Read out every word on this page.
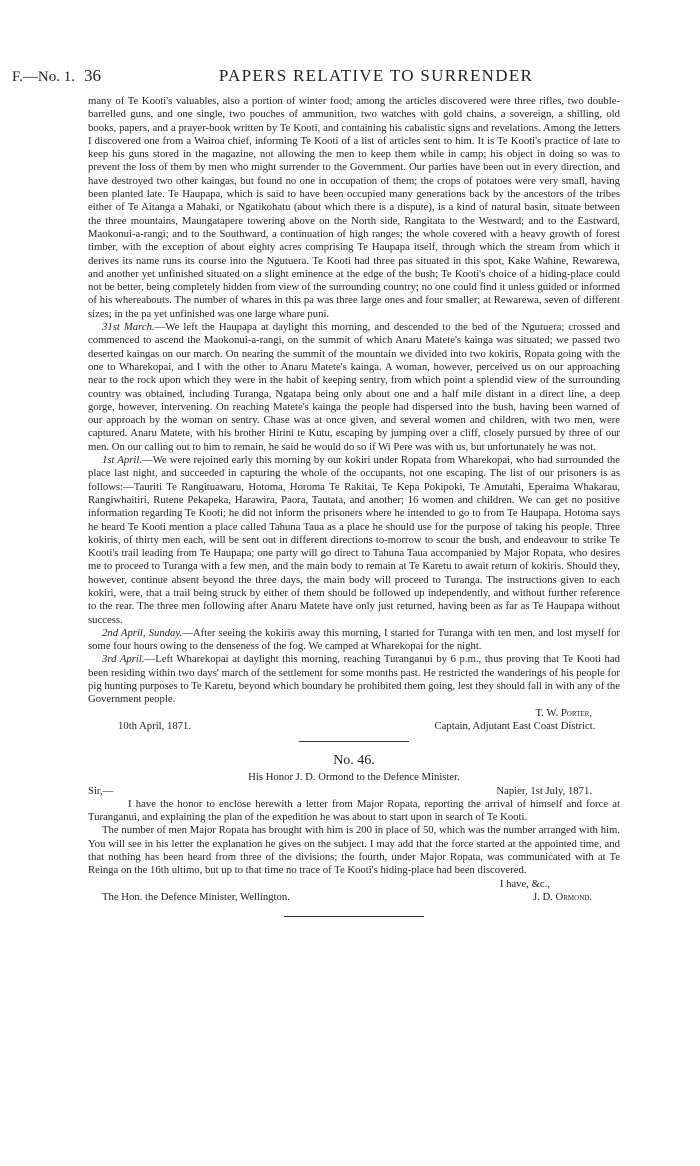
F.—No. 1. 36	PAPERS RELATIVE TO SURRENDER

many of Te Kooti's valuables, also a portion of winter food; among the articles discovered were three rifles, two double-barrelled guns, and one single, two pouches of ammunition, two watches with gold chains, a sovereign, a shilling, old books, papers, and a prayer-book written by Te Kooti, and containing his cabalistic signs and revelations. Among the letters I discovered one from a Wairoa chief, informing Te Kooti of a list of articles sent to him. It is Te Kooti's practice of late to keep his guns stored in the magazine, not allowing the men to keep them while in camp; his object in doing so was to prevent the loss of them by men who might surrender to the Government. Our parties have been out in every direction, and have destroyed two other kaingas, but found no one in occupation of them; the crops of potatoes were very small, having been planted late. Te Haupapa, which is said to have been occupied many generations back by the ancestors of the tribes either of Te Aitanga a Mahaki, or Ngatikohatu (about which there is a dispute), is a kind of natural basin, situate between the three mountains, Maungatapere towering above on the North side, Rangitata to the Westward; and to the Eastward, Maokonui-a-rangi; and to the Southward, a continuation of high ranges; the whole covered with a heavy growth of forest timber, with the exception of about eighty acres comprising Te Haupapa itself, through which the stream from which it derives its name runs its course into the Ngutuera. Te Kooti had three pas situated in this spot, Kake Wahine, Rewarewa, and another yet unfinished situated on a slight eminence at the edge of the bush; Te Kooti's choice of a hiding-place could not be better, being completely hidden from view of the surrounding country; no one could find it unless guided or informed of his whereabouts. The number of whares in this pa was three large ones and four smaller; at Rewarewa, seven of different sizes; in the pa yet unfinished was one large whare puni.

31st March.—We left the Haupapa at daylight this morning, and descended to the bed of the Ngutuera; crossed and commenced to ascend the Maokonui-a-rangi, on the summit of which Anaru Matete's kainga was situated; we passed two deserted kaingas on our march. On nearing the summit of the mountain we divided into two kokiris, Ropata going with the one to Wharekopai, and I with the other to Anaru Matete's kainga. A woman, however, perceived us on our approaching near to the rock upon which they were in the habit of keeping sentry, from which point a splendid view of the surrounding country was obtained, including Turanga, Ngatapa being only about one and a half mile distant in a direct line, a deep gorge, however, intervening. On reaching Matete's kainga the people had dispersed into the bush, having been warned of our approach by the woman on sentry. Chase was at once given, and several women and children, with two men, were captured. Anaru Matete, with his brother Hirini te Kutu, escaping by jumping over a cliff, closely pursued by three of our men. On our calling out to him to remain, he said he would do so if Wi Pere was with us, but unfortunately he was not.

1st April.—We were rejoined early this morning by our kokiri under Ropata from Wharekopai, who had surrounded the place last night, and succeeded in capturing the whole of the occupants, not one escaping. The list of our prisoners is as follows:—Tauriti Te Rangituawaru, Hotoma, Horoma Te Rakitai, Te Kepa Pokipoki, Te Amutahi, Eperaima Whakarau, Rangiwhaitiri, Rutene Pekapeka, Harawira, Paora, Tautata, and another; 16 women and children. We can get no positive information regarding Te Kooti; he did not inform the prisoners where he intended to go to from Te Haupapa. Hotoma says he heard Te Kooti mention a place called Tahuna Taua as a place he should use for the purpose of taking his people. Three kokiris, of thirty men each, will be sent out in different directions to-morrow to scour the bush, and endeavour to strike Te Kooti's trail leading from Te Haupapa; one party will go direct to Tahuna Taua accompanied by Major Ropata, who desires me to proceed to Turanga with a few men, and the main body to remain at Te Karetu to await return of kokiris. Should they, however, continue absent beyond the three days, the main body will proceed to Turanga. The instructions given to each kokiri, were, that a trail being struck by either of them should be followed up independently, and without further reference to the rear. The three men following after Anaru Matete have only just returned, having been as far as Te Haupapa without success.

2nd April, Sunday.—After seeing the kokiris away this morning, I started for Turanga with ten men, and lost myself for some four hours owing to the denseness of the fog. We camped at Wharekopai for the night.

3rd April.—Left Wharekopai at daylight this morning, reaching Turanganui by 6 p.m., thus proving that Te Kooti had been residing within two days' march of the settlement for some months past. He restricted the wanderings of his people for pig hunting purposes to Te Karetu, beyond which boundary he prohibited them going, lest they should fall in with any of the Government people.

T. W. Porter,
10th April, 1871.	Captain, Adjutant East Coast District.
No. 46.
His Honor J. D. Ormond to the Defence Minister.
Sir,—	Napier, 1st July, 1871.

I have the honor to enclose herewith a letter from Major Ropata, reporting the arrival of himself and force at Turanganui, and explaining the plan of the expedition he was about to start upon in search of Te Kooti.

The number of men Major Ropata has brought with him is 200 in place of 50, which was the number arranged with him. You will see in his letter the explanation he gives on the subject. I may add that the force started at the appointed time, and that nothing has been heard from three of the divisions; the fourth, under Major Ropata, was communicated with at Te Reinga on the 16th ultimo, but up to that time no trace of Te Kooti's hiding-place had been discovered.

I have, &c.,
The Hon. the Defence Minister, Wellington.	J. D. Ormond.
